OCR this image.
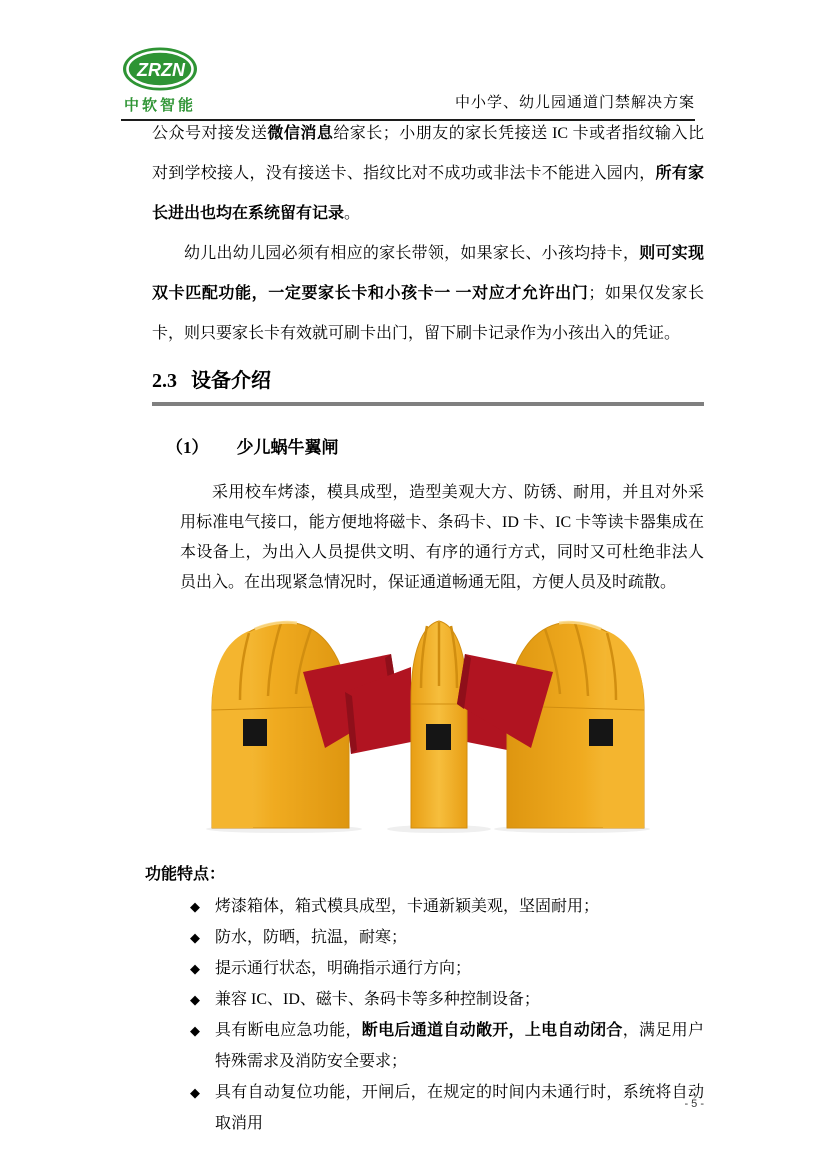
ZRZN
中软智能	中小学、幼儿园通道门禁解决方案

公众号对接发送微信消息给家长；小朋友的家长凭接送 IC 卡或者指纹输入比对到学校接人，没有接送卡、指纹比对不成功或非法卡不能进入园内，所有家长进出也均在系统留有记录。

幼儿出幼儿园必须有相应的家长带领，如果家长、小孩均持卡，则可实现双卡匹配功能，一定要家长卡和小孩卡一 一对应才允许出门；如果仅发家长卡，则只要家长卡有效就可刷卡出门，留下刷卡记录作为小孩出入的凭证。

2.3 设备介绍
（1） 少儿蜗牛翼闸

采用校车烤漆，模具成型，造型美观大方、防锈、耐用，并且对外采用标准电气接口，能方便地将磁卡、条码卡、ID 卡、IC 卡等读卡器集成在本设备上，为出入人员提供文明、有序的通行方式，同时又可杜绝非法人员出入。在出现紧急情况时，保证通道畅通无阻，方便人员及时疏散。

功能特点：
◆ 烤漆箱体，箱式模具成型，卡通新颖美观，坚固耐用；
◆ 防水，防晒，抗温，耐寒；
◆ 提示通行状态，明确指示通行方向；
◆ 兼容 IC、ID、磁卡、条码卡等多种控制设备；
◆ 具有断电应急功能，断电后通道自动敞开，上电自动闭合，满足用户特殊需求及消防安全要求；
◆ 具有自动复位功能，开闸后，在规定的时间内未通行时，系统将自动取消用
- 5 -
